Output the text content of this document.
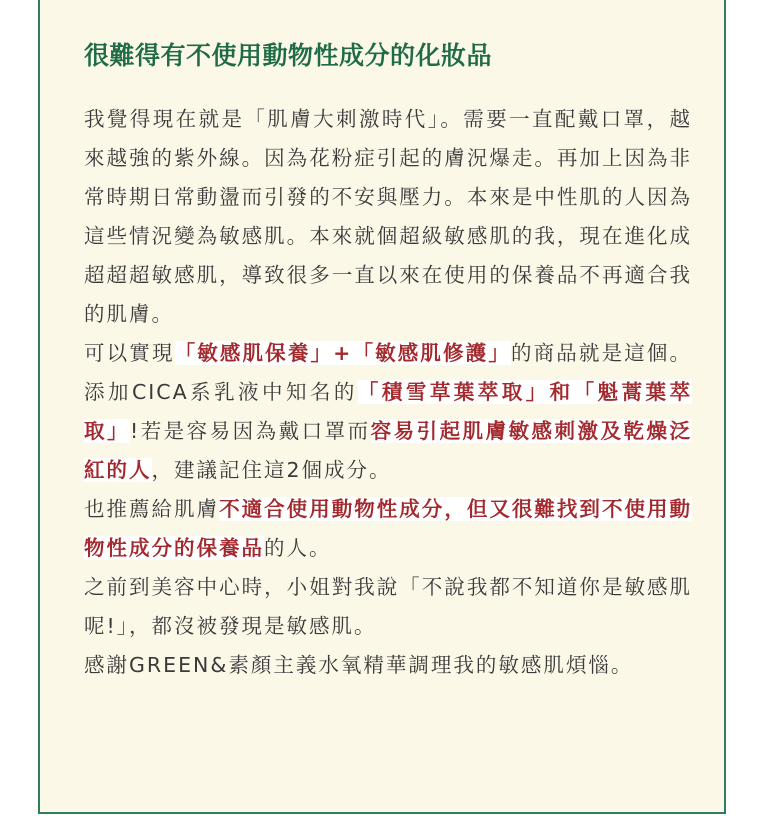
很難得有不使用動物性成分的化妝品

我覺得現在就是「肌膚大刺激時代」。需要一直配戴口罩，越來越強的紫外線。因為花粉症引起的膚況爆走。再加上因為非常時期日常動盪而引發的不安與壓力。本來是中性肌的人因為這些情況變為敏感肌。本來就個超級敏感肌的我，現在進化成超超超敏感肌，導致很多一直以來在使用的保養品不再適合我的肌膚。

可以實現「敏感肌保養」+「敏感肌修護」的商品就是這個。添加CICA系乳液中知名的「積雪草葉萃取」和「魁蒿葉萃取」!若是容易因為戴口罩而容易引起肌膚敏感刺激及乾燥泛紅的人，建議記住這2個成分。

也推薦給肌膚不適合使用動物性成分，但又很難找到不使用動物性成分的保養品的人。

之前到美容中心時，小姐對我說「不說我都不知道你是敏感肌呢!」，都沒被發現是敏感肌。

感謝GREEN&素顏主義水氧精華調理我的敏感肌煩惱。
